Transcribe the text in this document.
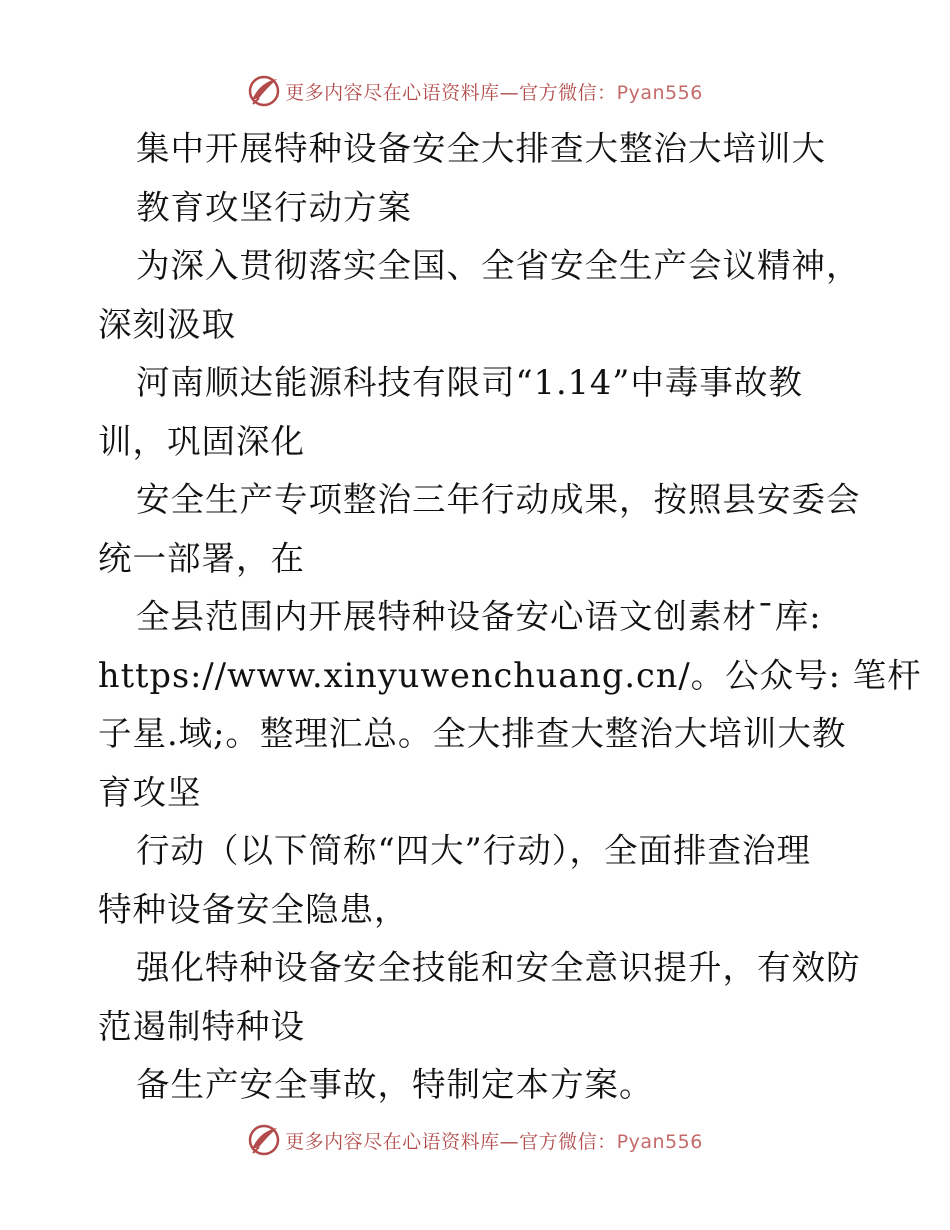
更多内容尽在心语资料库—官方微信：Pyan556
集中开展特种设备安全大排查大整治大培训大
教育攻坚行动方案
为深入贯彻落实全国、全省安全生产会议精神，
深刻汲取
河南顺达能源科技有限司“1.14”中毒事故教
训，巩固深化
安全生产专项整治三年行动成果，按照县安委会
统一部署，在
全县范围内开展特种设备安心语文创素材¯库:
https://www.xinyuwenchuang.cn/。公众号: 笔杆
子星.域;。整理汇总。全大排查大整治大培训大教
育攻坚
行动（以下简称“四大”行动），全面排查治理
特种设备安全隐患，
强化特种设备安全技能和安全意识提升，有效防
范遏制特种设
备生产安全事故，特制定本方案。
更多内容尽在心语资料库—官方微信：Pyan556
